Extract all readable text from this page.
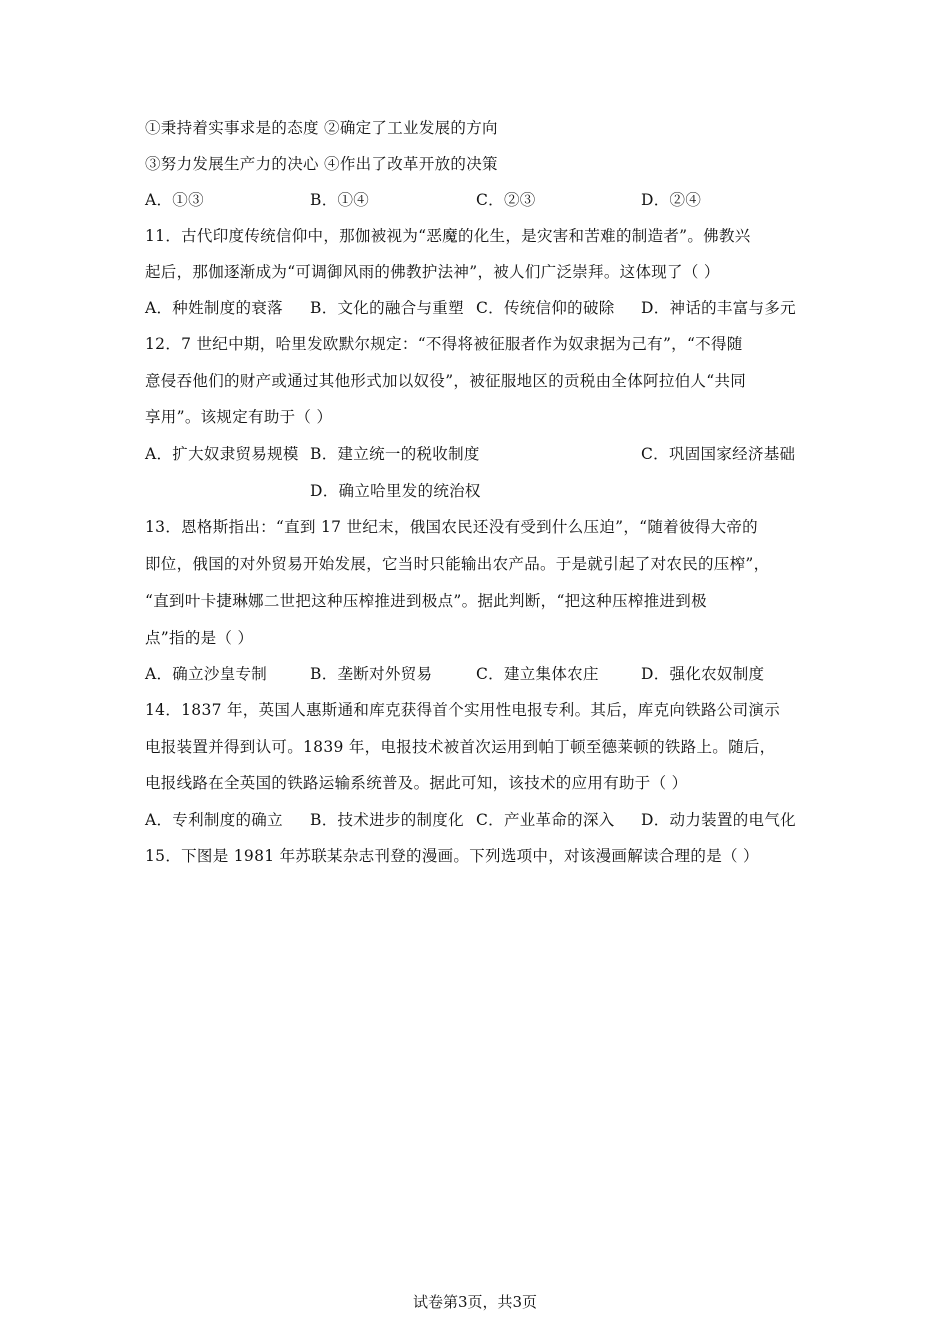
①秉持着实事求是的态度 ②确定了工业发展的方向
③努力发展生产力的决心 ④作出了改革开放的决策
A．①③	B．①④	C．②③	D．②④
11．古代印度传统信仰中，那伽被视为“恶魔的化生，是灾害和苦难的制造者”。佛教兴
起后，那伽逐渐成为“可调御风雨的佛教护法神”，被人们广泛崇拜。这体现了（ ）
A．种姓制度的衰落 B．文化的融合与重塑 C．传统信仰的破除 D．神话的丰富与多元
12．7 世纪中期，哈里发欧默尔规定：“不得将被征服者作为奴隶据为己有”，“不得随
意侵吞他们的财产或通过其他形式加以奴役”，被征服地区的贡税由全体阿拉伯人“共同
享用”。该规定有助于（ ）
A．扩大奴隶贸易规模 B．建立统一的税收制度	C．巩固国家经济基础
D．确立哈里发的统治权
13．恩格斯指出：“直到 17 世纪末，俄国农民还没有受到什么压迫”，“随着彼得大帝的
即位，俄国的对外贸易开始发展，它当时只能输出农产品。于是就引起了对农民的压榨”，
“直到叶卡捷琳娜二世把这种压榨推进到极点”。据此判断，“把这种压榨推进到极
点”指的是（ ）
A．确立沙皇专制	B．垄断对外贸易	C．建立集体农庄	D．强化农奴制度
14．1837 年，英国人惠斯通和库克获得首个实用性电报专利。其后，库克向铁路公司演示
电报装置并得到认可。1839 年，电报技术被首次运用到帕丁顿至德莱顿的铁路上。随后，
电报线路在全英国的铁路运输系统普及。据此可知，该技术的应用有助于（ ）
A．专利制度的确立 B．技术进步的制度化 C．产业革命的深入 D．动力装置的电气化
15．下图是 1981 年苏联某杂志刊登的漫画。下列选项中，对该漫画解读合理的是（ ）
试卷第3页，共3页
